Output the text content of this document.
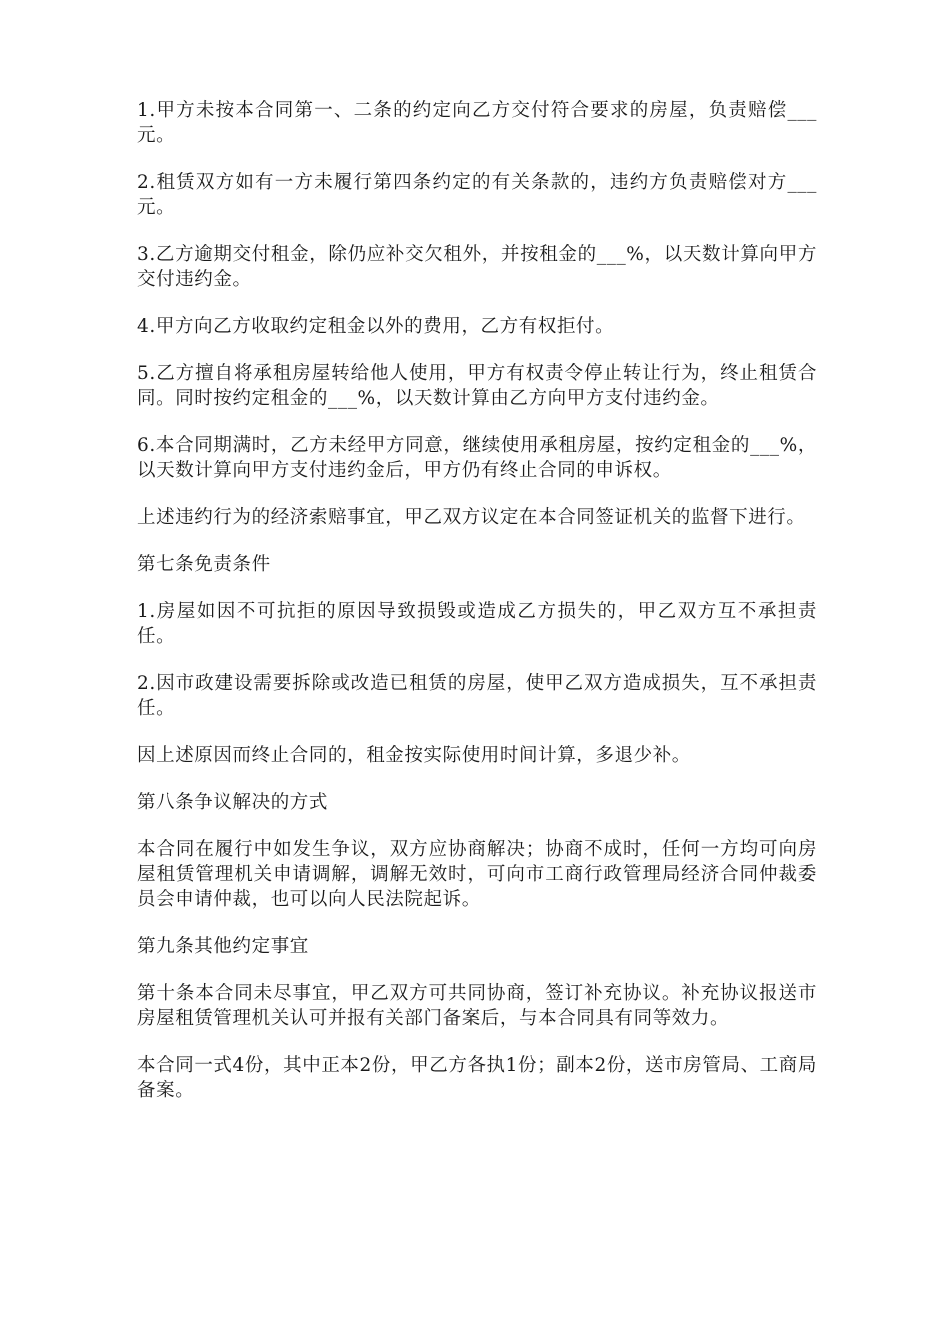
1.甲方未按本合同第一、二条的约定向乙方交付符合要求的房屋，负责赔偿___元。

2.租赁双方如有一方未履行第四条约定的有关条款的，违约方负责赔偿对方___元。

3.乙方逾期交付租金，除仍应补交欠租外，并按租金的___%，以天数计算向甲方交付违约金。

4.甲方向乙方收取约定租金以外的费用，乙方有权拒付。

5.乙方擅自将承租房屋转给他人使用，甲方有权责令停止转让行为，终止租赁合同。同时按约定租金的___%，以天数计算由乙方向甲方支付违约金。

6.本合同期满时，乙方未经甲方同意，继续使用承租房屋，按约定租金的___%，以天数计算向甲方支付违约金后，甲方仍有终止合同的申诉权。

上述违约行为的经济索赔事宜，甲乙双方议定在本合同签证机关的监督下进行。

第七条免责条件

1.房屋如因不可抗拒的原因导致损毁或造成乙方损失的，甲乙双方互不承担责任。

2.因市政建设需要拆除或改造已租赁的房屋，使甲乙双方造成损失，互不承担责任。

因上述原因而终止合同的，租金按实际使用时间计算，多退少补。

第八条争议解决的方式

本合同在履行中如发生争议，双方应协商解决；协商不成时，任何一方均可向房屋租赁管理机关申请调解，调解无效时，可向市工商行政管理局经济合同仲裁委员会申请仲裁，也可以向人民法院起诉。

第九条其他约定事宜

第十条本合同未尽事宜，甲乙双方可共同协商，签订补充协议。补充协议报送市房屋租赁管理机关认可并报有关部门备案后，与本合同具有同等效力。

本合同一式4份，其中正本2份，甲乙方各执1份；副本2份，送市房管局、工商局备案。
